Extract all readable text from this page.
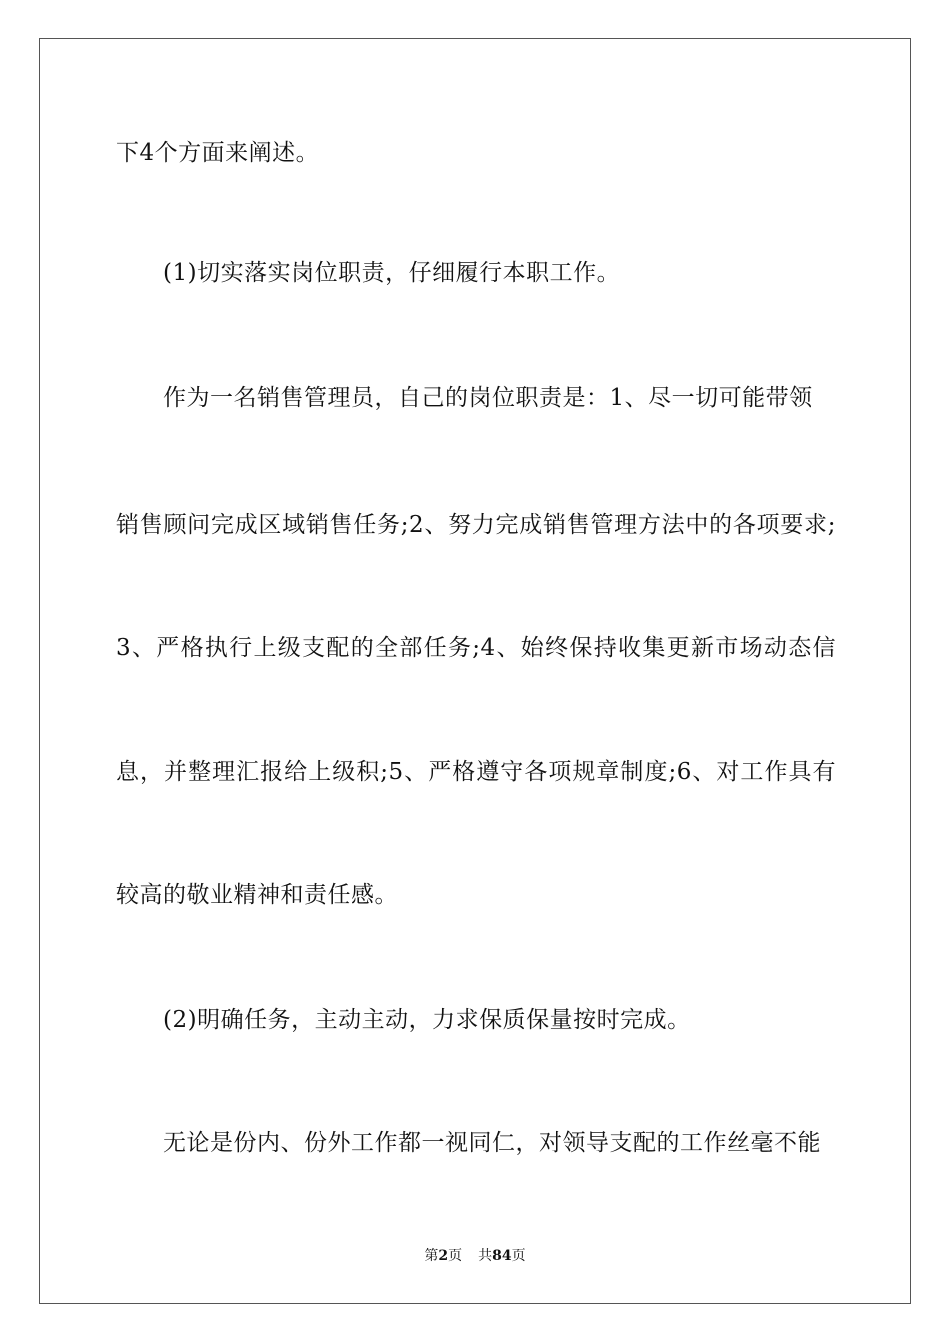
下4个方面来阐述。
(1)切实落实岗位职责，仔细履行本职工作。
作为一名销售管理员，自己的岗位职责是：1、尽一切可能带领
销售顾问完成区域销售任务;2、努力完成销售管理方法中的各项要求;
3、严格执行上级支配的全部任务;4、始终保持收集更新市场动态信
息，并整理汇报给上级积;5、严格遵守各项规章制度;6、对工作具有
较高的敬业精神和责任感。
(2)明确任务，主动主动，力求保质保量按时完成。
无论是份内、份外工作都一视同仁，对领导支配的工作丝毫不能
第2页 共84页
